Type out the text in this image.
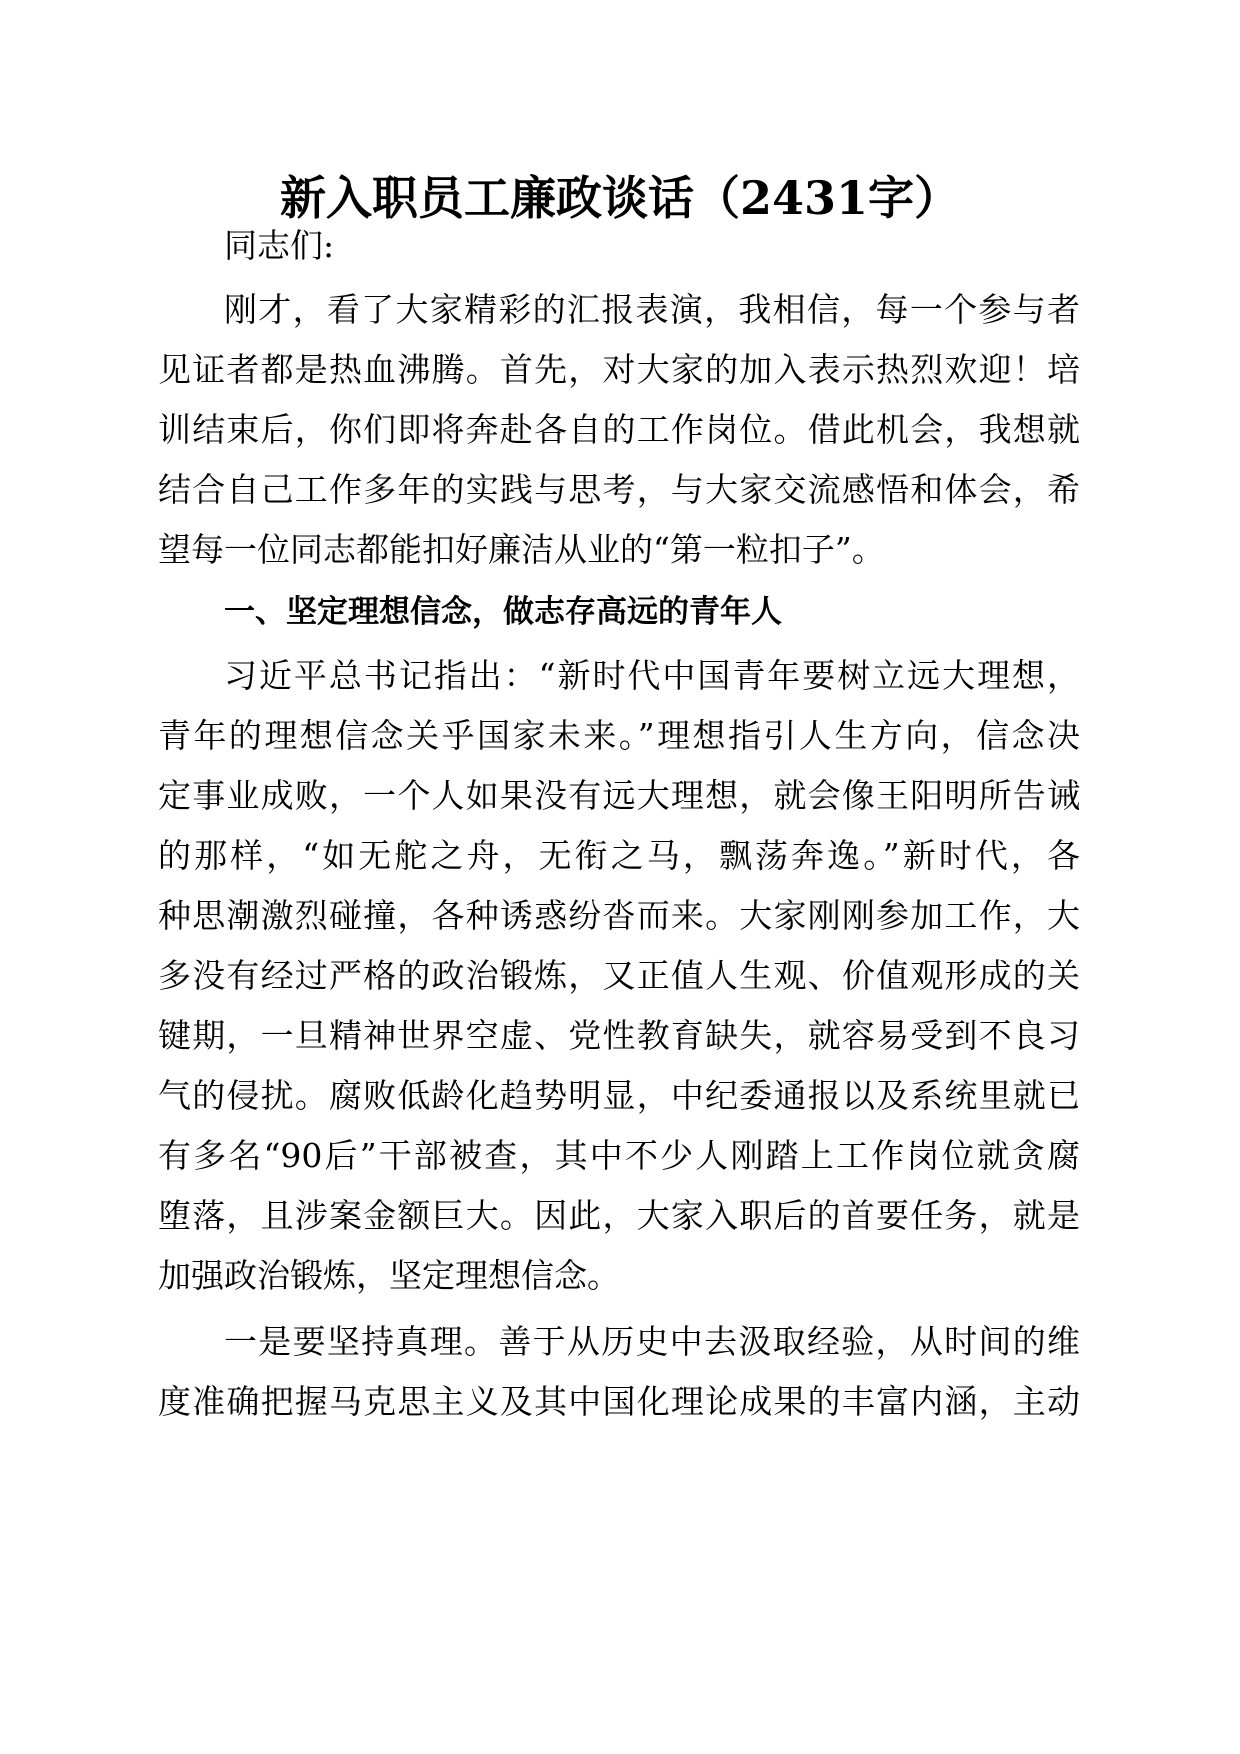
新入职员工廉政谈话（2431字）
同志们:
刚才，看了大家精彩的汇报表演，我相信，每一个参与者
见证者都是热血沸腾。首先，对大家的加入表示热烈欢迎！培
训结束后，你们即将奔赴各自的工作岗位。借此机会，我想就
结合自己工作多年的实践与思考，与大家交流感悟和体会，希
望每一位同志都能扣好廉洁从业的“第一粒扣子”。
一、坚定理想信念，做志存高远的青年人
习近平总书记指出：“新时代中国青年要树立远大理想，
青年的理想信念关乎国家未来。”理想指引人生方向，信念决
定事业成败，一个人如果没有远大理想，就会像王阳明所告诫
的那样，“如无舵之舟，无衔之马，飘荡奔逸。”新时代，各
种思潮激烈碰撞，各种诱惑纷沓而来。大家刚刚参加工作，大
多没有经过严格的政治锻炼，又正值人生观、价值观形成的关
键期，一旦精神世界空虚、党性教育缺失，就容易受到不良习
气的侵扰。腐败低龄化趋势明显，中纪委通报以及系统里就已
有多名“90后”干部被查，其中不少人刚踏上工作岗位就贪腐
堕落，且涉案金额巨大。因此，大家入职后的首要任务，就是
加强政治锻炼，坚定理想信念。
一是要坚持真理。善于从历史中去汲取经验，从时间的维
度准确把握马克思主义及其中国化理论成果的丰富内涵，主动
